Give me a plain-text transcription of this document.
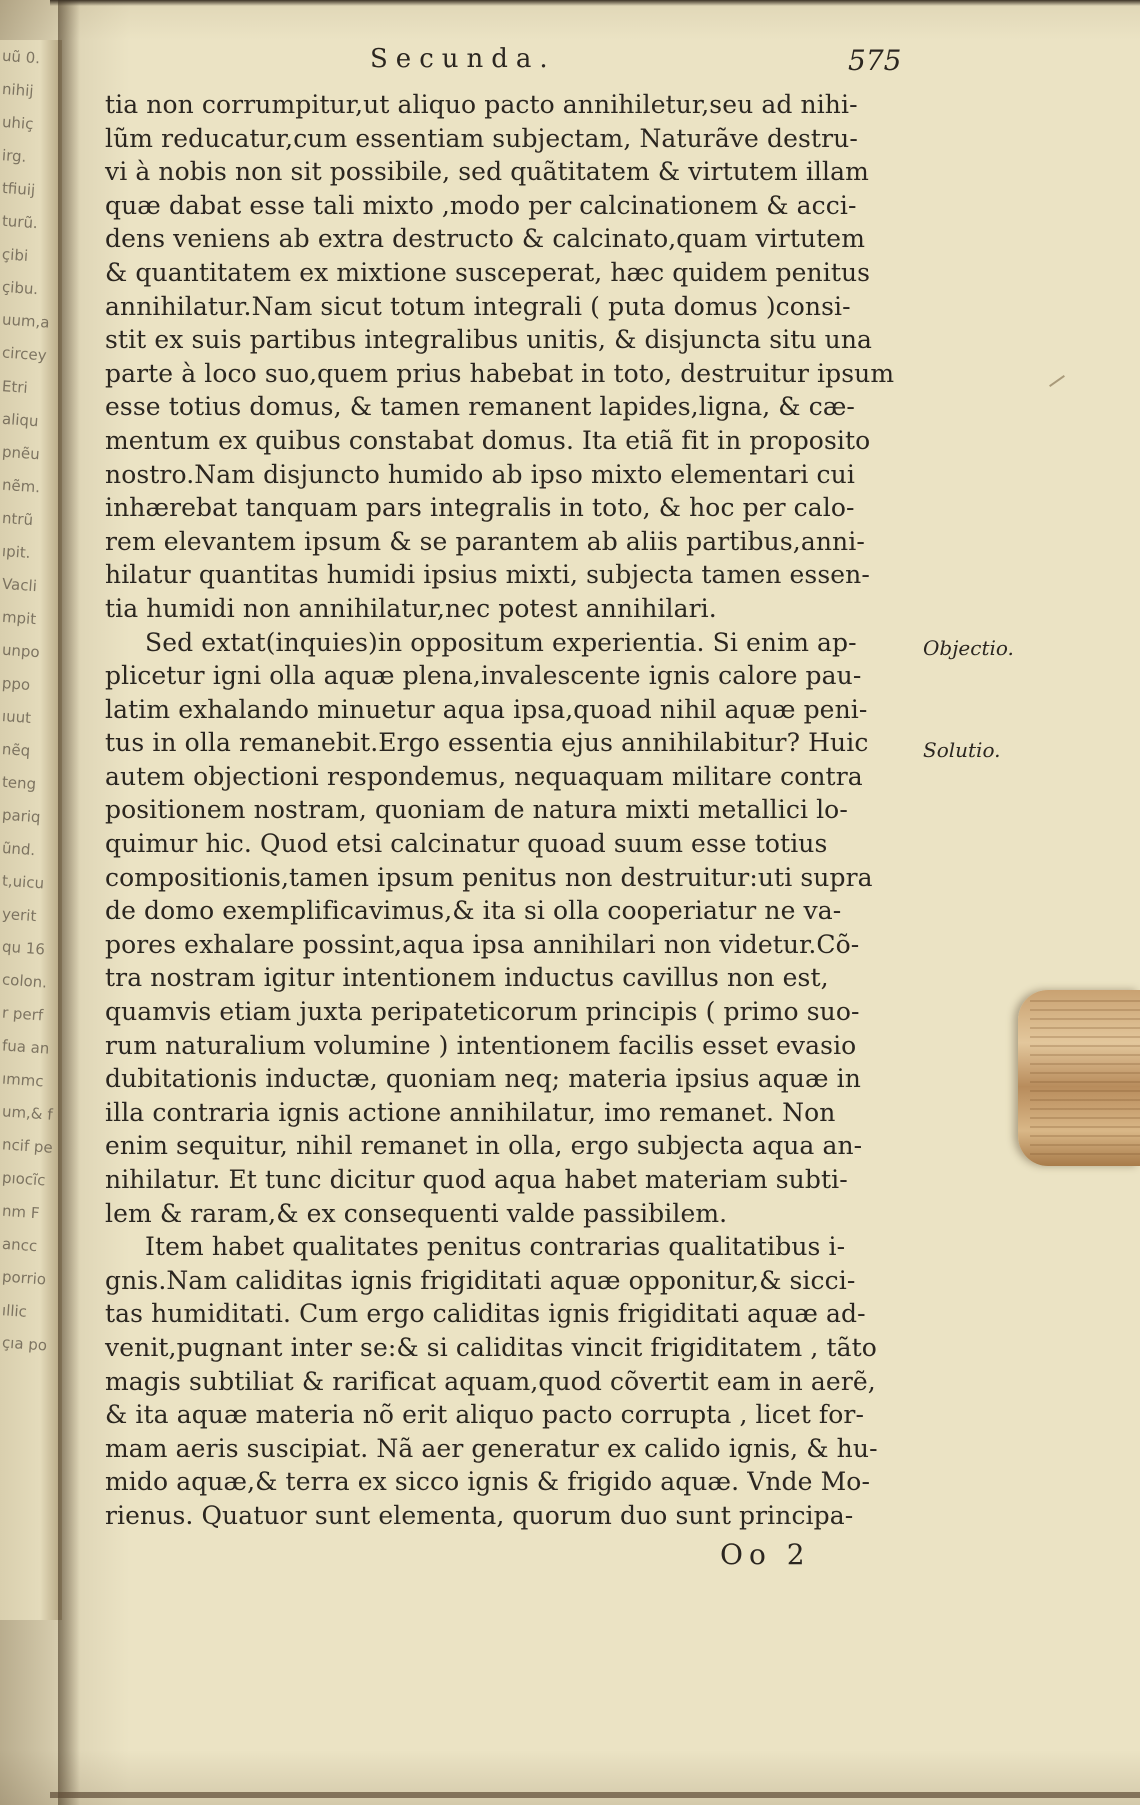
uũ 0.
nihij
uhiç
irg.
tfiuij
turũ.
çibi
çibu.
uum,a
circey
Etri
aliqu
pnẽu
nẽm.
ntrũ
ıpit.
Vacli
mpit
unpo
ppo
ıuut
nẽq
teng
pariq
ũnd.
t,uicu
yerit
qu 16
colon.
r perf
fua an
ımmc
um,& f
ncif pe
pıocĩc
nm F
ancc
porrio
ıllic
çıa po
Secunda.	575
tia non corrumpitur,ut aliquo pacto annihiletur,seu ad nihi-
lũm reducatur,cum essentiam subjectam, Naturãve destru-
vi à nobis non sit possibile, sed quãtitatem & virtutem illam
quæ dabat esse tali mixto ,modo per calcinationem & acci-
dens veniens ab extra destructo & calcinato,quam virtutem
& quantitatem ex mixtione susceperat, hæc quidem penitus
annihilatur.Nam sicut totum integrali ( puta domus )consi-
stit ex suis partibus integralibus unitis, & disjuncta situ una
parte à loco suo,quem prius habebat in toto, destruitur ipsum
esse totius domus, & tamen remanent lapides,ligna, & cæ-
mentum ex quibus constabat domus. Ita etiã fit in proposito
nostro.Nam disjuncto humido ab ipso mixto elementari cui
inhærebat tanquam pars integralis in toto, & hoc per calo-
rem elevantem ipsum & se parantem ab aliis partibus,anni-
hilatur quantitas humidi ipsius mixti, subjecta tamen essen-
tia humidi non annihilatur,nec potest annihilari.
Sed extat(inquies)in oppositum experientia. Si enim ap-
plicetur igni olla aquæ plena,invalescente ignis calore pau-
latim exhalando minuetur aqua ipsa,quoad nihil aquæ peni-
tus in olla remanebit.Ergo essentia ejus annihilabitur? Huic
autem objectioni respondemus, nequaquam militare contra
positionem nostram, quoniam de natura mixti metallici lo-
quimur hic. Quod etsi calcinatur quoad suum esse totius
compositionis,tamen ipsum penitus non destruitur:uti supra
de domo exemplificavimus,& ita si olla cooperiatur ne va-
pores exhalare possint,aqua ipsa annihilari non videtur.Cõ-
tra nostram igitur intentionem inductus cavillus non est,
quamvis etiam juxta peripateticorum principis ( primo suo-
rum naturalium volumine ) intentionem facilis esset evasio
dubitationis inductæ, quoniam neq; materia ipsius aquæ in
illa contraria ignis actione annihilatur, imo remanet. Non
enim sequitur, nihil remanet in olla, ergo subjecta aqua an-
nihilatur. Et tunc dicitur quod aqua habet materiam subti-
lem & raram,& ex consequenti valde passibilem.
Item habet qualitates penitus contrarias qualitatibus i-
gnis.Nam caliditas ignis frigiditati aquæ opponitur,& sicci-
tas humiditati. Cum ergo caliditas ignis frigiditati aquæ ad-
venit,pugnant inter se:& si caliditas vincit frigiditatem , tãto
magis subtiliat & rarificat aquam,quod cõvertit eam in aerẽ,
& ita aquæ materia nõ erit aliquo pacto corrupta , licet for-
mam aeris suscipiat. Nã aer generatur ex calido ignis, & hu-
mido aquæ,& terra ex sicco ignis & frigido aquæ. Vnde Mo-
rienus. Quatuor sunt elementa, quorum duo sunt principa-
Objectio.
Solutio.
Oo 2
